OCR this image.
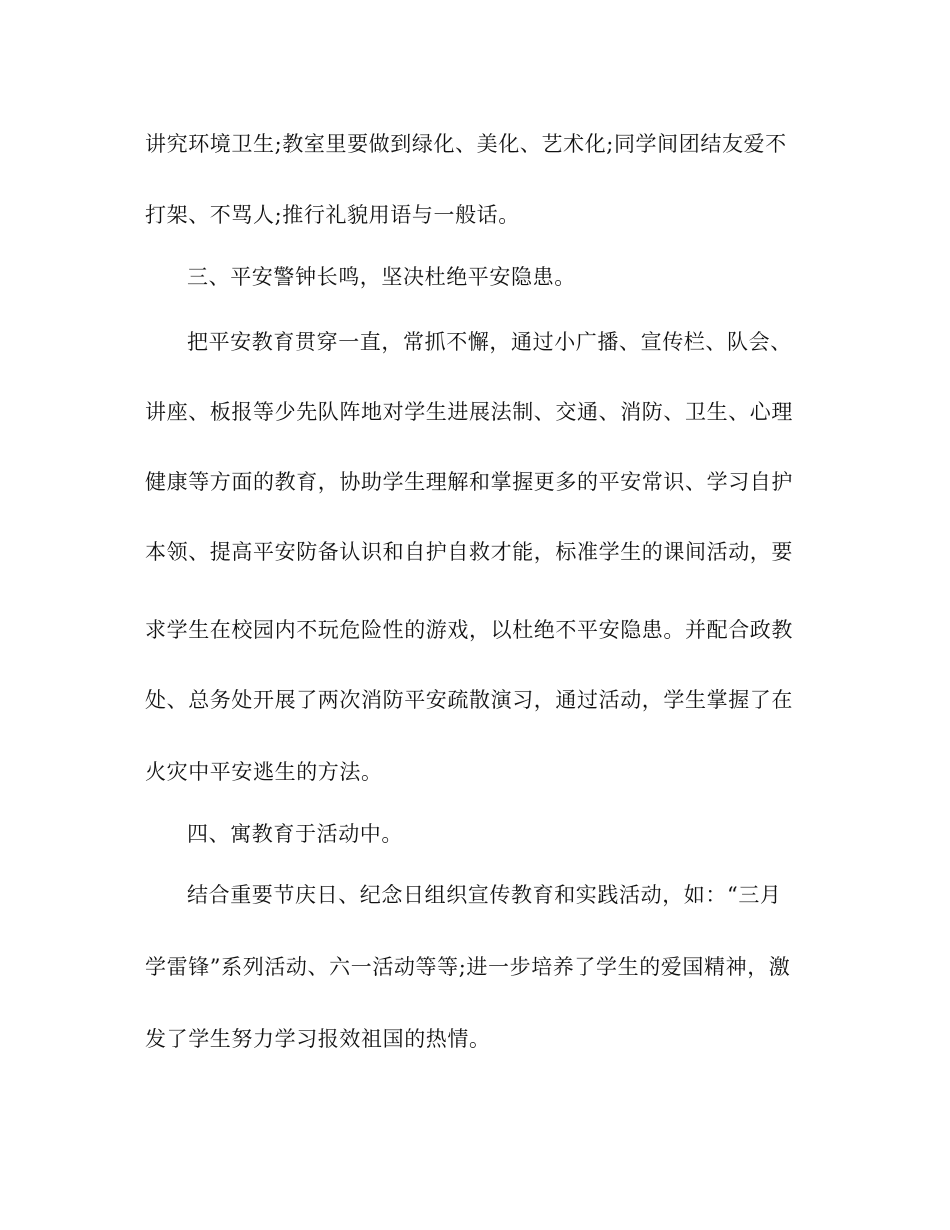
讲究环境卫生;教室里要做到绿化、美化、艺术化;同学间团结友爱不
打架、不骂人;推行礼貌用语与一般话。
三、平安警钟长鸣，坚决杜绝平安隐患。
把平安教育贯穿一直，常抓不懈，通过小广播、宣传栏、队会、
讲座、板报等少先队阵地对学生进展法制、交通、消防、卫生、心理
健康等方面的教育，协助学生理解和掌握更多的平安常识、学习自护
本领、提高平安防备认识和自护自救才能，标准学生的课间活动，要
求学生在校园内不玩危险性的游戏，以杜绝不平安隐患。并配合政教
处、总务处开展了两次消防平安疏散演习，通过活动，学生掌握了在
火灾中平安逃生的方法。
四、寓教育于活动中。
结合重要节庆日、纪念日组织宣传教育和实践活动，如：“三月
学雷锋”系列活动、六一活动等等;进一步培养了学生的爱国精神，激
发了学生努力学习报效祖国的热情。
